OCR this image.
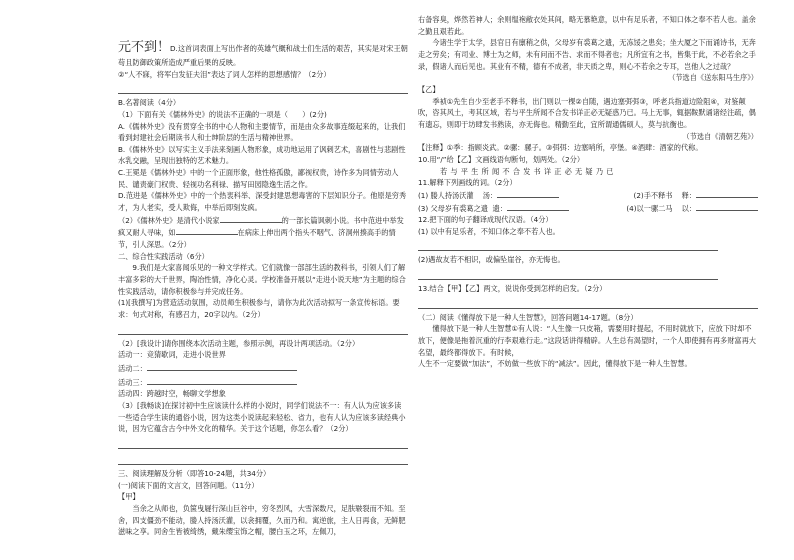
元不到！D.这首词表面上写出作者的英雄气概和战士们生活的艰苦，其实是对宋王朝苟且防御政策所造成严重后果的反映。

②“人不寐，将军白发征夫泪”表达了词人怎样的思想感情？（2分）

B.名著阅读（4分）

（1）下面有关《儒林外史》的说法不正确的一项是（　　）(2分)

A.《儒林外史》没有贯穿全书的中心人物和主要情节，而是由众多故事连缀起来的，让我们看到封建社会后期读书人和士绅阶层的生活与精神世界。

B.《儒林外史》以写实主义手法来刻画人物形象，成功地运用了讽刺艺术，喜剧性与悲剧性水乳交融，呈现出独特的艺术魅力。

C.王冕是《儒林外史》中的一个正面形象，他性格孤傲，鄙视权贵，诗作多为同情劳动人民、谴责豪门权贵、轻视功名利禄、描写田园隐逸生活之作。

D.范进是《儒林外史》中的一个热衷科举、深受封建思想毒害的下层知识分子。他原是穷秀才，为人老实，受人欺侮，中举后即刻发疯。

（2）《儒林外史》是清代小说家	的一部长篇讽刺小说。书中范进中举发疯又耐人寻味，如	在病床上伸出两个指头不咽气、济洞州揍高手的情节，引人深思。（2分）

二、综合性实践活动（6分）

9.我们是大家喜闻乐见的一种文学样式。它们就像一部部生活的教科书，引领人们了解丰富多彩的大千世界，陶冶性情，净化心灵。学校准备开展以“走进小说天地”为主题的综合性实践活动，请你积极参与并完成任务。

(1)[我撰写]为营造活动氛围，动员师生积极参与，请你为此次活动拟写一条宣传标语。要求：句式对称，有感召力，20字以内。（2分）

（2）[我设计]请你围绕本次活动主题，参照示例，再设计两项活动。（2分）

活动一：竞猜歇词，走进小说世界

活动二：

活动三：

活动四：跨越时空，畅聊文学想象

（3）[我畅谈]在探讨初中生应该读什么样的小说时，同学们说法不一：有人认为应该多读一些适合学生读的通俗小说，因为这类小说读起来轻松、省力，也有人认为应该多读经典小说，因为它蕴含古今中外文化的精华。关于这个话题，你怎么看？（2分）

三、阅读理解及分析（即答10-24题，共34分）

(一)阅读下面的文言文，回答问题。（11分）

【甲】

当余之从师也，负箧曳屣行深山巨谷中，穷冬烈风，大雪深数尺，足肤皲裂而不知。至舍，四支僵劲不能动，媵人持汤沃灌，以衾拥覆，久而乃和。寓逆旅，主人日再食，无鲜肥滋味之享。同舍生皆被绮绣，戴朱缨宝饰之帽，腰白玉之环，左佩刀，

右备容臭，烨然若神人；余则缊袍敝衣处其间，略无慕艳意，以中有足乐者，不知口体之奉不若人也。盖余之勤且艰若此。

今诸生学于太学，县官日有廪稍之供，父母岁有裘葛之遗，无冻馁之患矣；坐大厦之下而诵诗书，无奔走之劳矣；有司业、博士为之师，未有问而不告、求而不得者也；凡所宜有之书，皆集于此，不必若余之手录，假诸人而后见也。其业有不精，德有不成者，非天质之卑，则心不若余之专耳，岂他人之过哉？

（节选自《送东阳马生序》）

【乙】

季祯①先生自少至老手不释书，出门则以一棵②自随，遇边塞弭弭③，呼老兵指道边险阻④，对鉴颠吹，咨其风土，考其区域，若与平生所闻不合发书详正必无疑惑乃已。马上无事，辄据鞍默诵诸经注疏，偶有遗忘，则即于坊肆发书熟读，亦无侮也。精勤至此，宜所谓通儒硕人，莫与抗衡也。

（节选自《清朝艺苑》）

【注释】①季：指顾炎武。②骡：骡子。③弭弭：边塞哨所，亭堡。④酒肆：酒家的代称。

10.用“/”给【乙】文画线语句断句，划两处。（2分）

若与平生所闻不合发书详正必无疑乃已

11.解释下列画线的词。（2分）

(1) 媵人持汤沃灌 汤：	(2)手不释书 释：
(3) 父母岁有裘葛之遗 遗：	(4)以一骡二马 以：

12.把下面的句子翻译成现代汉语。（4分）

(1) 以中有足乐者，不知口体之奉不若人也。

(2)遇故友若不相识，或偏坠崖谷，亦无悔也。

13.结合【甲】【乙】两文，说说你受到怎样的启发。（2分）

（二）阅读《懂得放下是一种人生智慧》，回答问题14-17题。（8分）

懂得放下是一种人生智慧①有人说：“人生像一只皮箱，需要用时提起，不用时就放下，应放下时却不放下，便像是拖着沉重的行李艰难行走。”这段话讲得精辟。人生总有渴望时，一个人即使拥有再多财富再大名望，最终都得放下。有时候，

人生不一定要做“加法”，不妨做一些放下的“减法”。因此，懂得放下是一种人生智慧。
